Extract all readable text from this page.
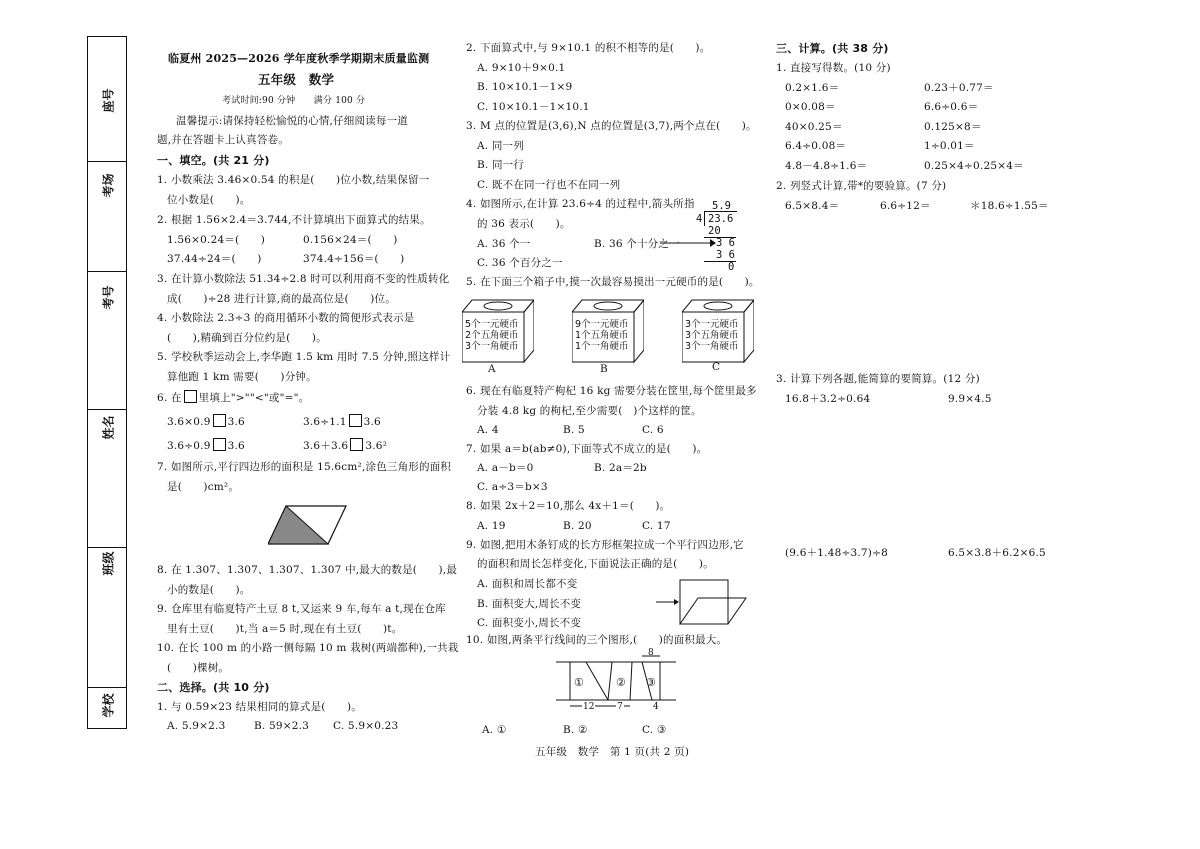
座号
考场
考号
姓名
班级
学校
临夏州 2025—2026 学年度秋季学期期末质量监测
五年级　数学
考试时间:90 分钟　　满分 100 分
温馨提示:请保持轻松愉悦的心情,仔细阅读每一道
题,并在答题卡上认真答卷。
一、填空。(共 21 分)
1. 小数乘法 3.46×0.54 的积是(　　)位小数,结果保留一
位小数是(　　)。
2. 根据 1.56×2.4＝3.744,不计算填出下面算式的结果。
1.56×0.24＝(　　)	0.156×24＝(　　)
37.44÷24＝(　　)	374.4÷156＝(　　)
3. 在计算小数除法 51.34÷2.8 时可以利用商不变的性质转化
成(　　)÷28 进行计算,商的最高位是(　　)位。
4. 小数除法 2.3÷3 的商用循环小数的简便形式表示是
(　　),精确到百分位约是(　　)。
5. 学校秋季运动会上,李华跑 1.5 km 用时 7.5 分钟,照这样计
算他跑 1 km 需要(　　)分钟。
6. 在 里填上">""<"或"="。
3.6×0.9 3.6	3.6÷1.1 3.6
3.6÷0.9 3.6	3.6＋3.6 3.6²
7. 如图所示,平行四边形的面积是 15.6cm²,涂色三角形的面积
是(　　)cm²。
8. 在 1.307、1.307、1.307、1.307 中,最大的数是(　　),最
小的数是(　　)。
9. 仓库里有临夏特产土豆 8 t,又运来 9 车,每车 a t,现在仓库
里有土豆(　　)t,当 a＝5 时,现在有土豆(　　)t。
10. 在长 100 m 的小路一侧每隔 10 m 栽树(两端都种),一共栽
(　　)棵树。
二、选择。(共 10 分)
1. 与 0.59×23 结果相同的算式是(　　)。
A. 5.9×2.3	B. 59×2.3 C. 5.9×0.23
2. 下面算式中,与 9×10.1 的积不相等的是(　　)。
A. 9×10＋9×0.1
B. 10×10.1－1×9
C. 10×10.1－1×10.1
3. M 点的位置是(3,6),N 点的位置是(3,7),两个点在(　　)。
A. 同一列
B. 同一行
C. 既不在同一行也不在同一列
4. 如图所示,在计算 23.6÷4 的过程中,箭头所指
的 36 表示(　　)。
A. 36 个一	B. 36 个十分之一
C. 36 个百分之一
5.9
4 23.6
20
3 6
3 6
0
5. 在下面三个箱子中,摸一次最容易摸出一元硬币的是(　　)。
5个一元硬币
2个五角硬币
3个一角硬币
A
9个一元硬币
1个五角硬币
1个一角硬币
B
3个一元硬币
3个五角硬币
3个一角硬币
C
6. 现在有临夏特产枸杞 16 kg 需要分装在筐里,每个筐里最多
分装 4.8 kg 的枸杞,至少需要(　)个这样的筐。
A. 4	B. 5	C. 6
7. 如果 a＝b(ab≠0),下面等式不成立的是(　　)。
A. a－b＝0	B. 2a＝2b
C. a÷3＝b×3
8. 如果 2x＋2＝10,那么 4x＋1＝(　　)。
A. 19	B. 20	C. 17
9. 如图,把用木条钉成的长方形框架拉成一个平行四边形,它
的面积和周长怎样变化,下面说法正确的是(　　)。
A. 面积和周长都不变
B. 面积变大,周长不变
C. 面积变小,周长不变
10. 如图,两条平行线间的三个图形,(　　)的面积最大。
①	② ③
8
12	7	4
A. ①	B. ②	C. ③
五年级　数学　第 1 页(共 2 页)
三、计算。(共 38 分)
1. 直接写得数。(10 分)
0.2×1.6＝	0.23＋0.77＝
0×0.08＝	6.6÷0.6＝
40×0.25＝	0.125×8＝
6.4÷0.08＝	1÷0.01＝
4.8－4.8÷1.6＝	0.25×4÷0.25×4＝
2. 列竖式计算,带*的要验算。(7 分)
6.5×8.4＝	6.6÷12＝	＊18.6÷1.55＝
3. 计算下列各题,能简算的要简算。(12 分)
16.8＋3.2÷0.64	9.9×4.5
(9.6＋1.48÷3.7)÷8	6.5×3.8＋6.2×6.5
